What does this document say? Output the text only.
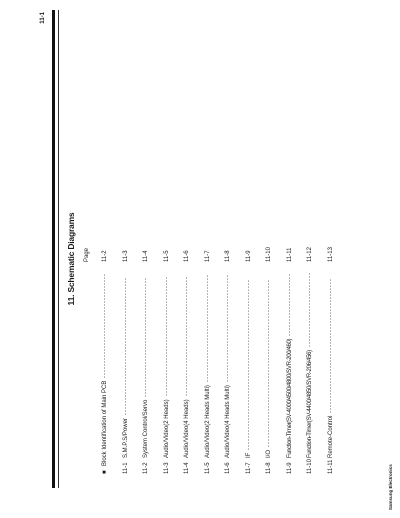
11-1
11. Schematic Diagrams Page
■Block Identification of Main PCB
-----------------------------------
11-2
11-1S.M.P.S/Power
----------------------------------------------
11-3
11-2System Control/Servo
----------------------------------------
11-4
11-3Audio/Video(2 Heads)
----------------------------------------
11-5
11-4Audio/Video(4 Heads)
----------------------------------------
11-6
11-5Audio/Video(2 Heads Multi)
------------------------------------
11-7
11-6Audio/Video(4 Heads Multi)
------------------------------------
11-8
11-7IF
---------------------------------------------------------
11-9
11-8I/O
--------------------------------------------------------
11-10
11-9Function-Timer(SV-4000/4500/4800/SVR-200/460)
---------------------
11-11
11-10Function-Timer(SV-4400/4850/SVR-206/456)
-------------------------
11-12
11-11Remote-Control
---------------------------------------------
11-13
Samsung Electronics
